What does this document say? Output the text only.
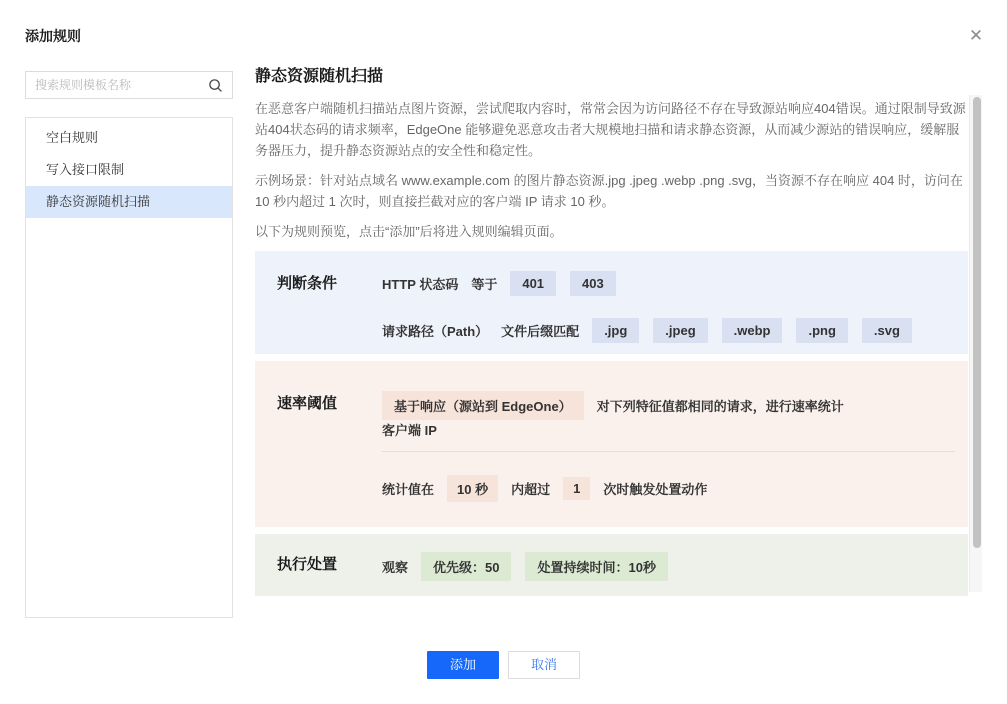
添加规则	✕
搜索规则模板名称
空白规则
写入接口限制
静态资源随机扫描
静态资源随机扫描

在恶意客户端随机扫描站点图片资源，尝试爬取内容时，常常会因为访问路径不存在导致源站响应404错误。通过限制导致源站404状态码的请求频率，EdgeOne 能够避免恶意攻击者大规模地扫描和请求静态资源，从而减少源站的错误响应，缓解服务器压力，提升静态资源站点的安全性和稳定性。

示例场景：针对站点域名 www.example.com 的图片静态资源.jpg .jpeg .webp .png .svg，当资源不存在响应 404 时，访问在 10 秒内超过 1 次时，则直接拦截对应的客户端 IP 请求 10 秒。

以下为规则预览，点击“添加”后将进入规则编辑页面。

判断条件	HTTP 状态码 等于	401	403
请求路径（Path） 文件后缀匹配	.jpg	.jpeg	.webp	.png	.svg
速率阈值	基于响应（源站到 EdgeOne）	对下列特征值都相同的请求，进行速率统计
客户端 IP
统计值在	10 秒	内超过	1	次时触发处置动作
执行处置	观察	优先级：50	处置持续时间：10秒
添加	取消
